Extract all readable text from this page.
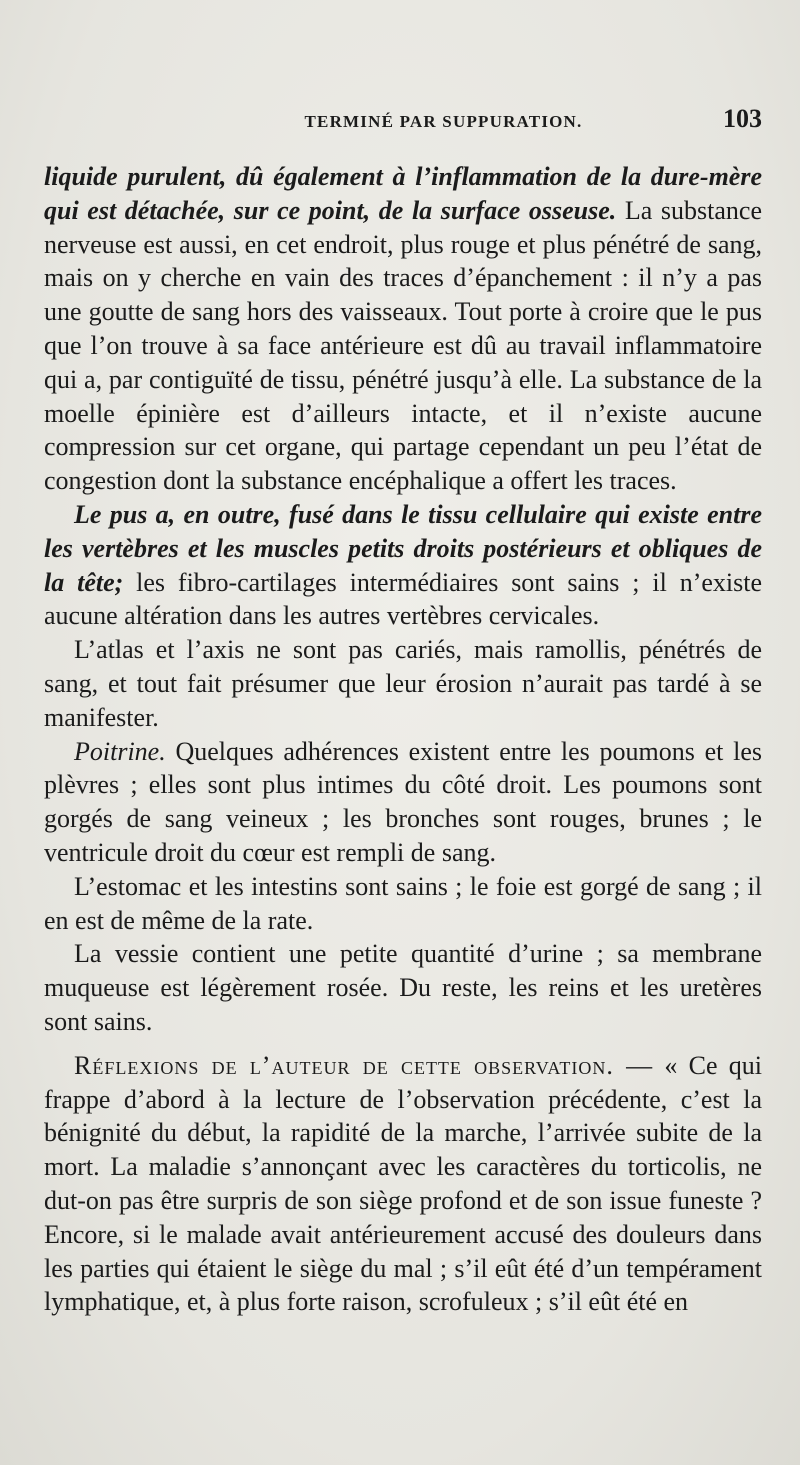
TERMINÉ PAR SUPPURATION.	103

liquide purulent, dû également à l’inflammation de la dure-mère qui est détachée, sur ce point, de la surface osseuse. La substance nerveuse est aussi, en cet endroit, plus rouge et plus pénétré de sang, mais on y cherche en vain des traces d’épanchement : il n’y a pas une goutte de sang hors des vaisseaux. Tout porte à croire que le pus que l’on trouve à sa face antérieure est dû au travail inflammatoire qui a, par contiguïté de tissu, pénétré jusqu’à elle. La substance de la moelle épinière est d’ailleurs intacte, et il n’existe aucune compression sur cet organe, qui partage cependant un peu l’état de congestion dont la substance encéphalique a offert les traces.

Le pus a, en outre, fusé dans le tissu cellulaire qui existe entre les vertèbres et les muscles petits droits postérieurs et obliques de la tête; les fibro-cartilages intermédiaires sont sains ; il n’existe aucune altération dans les autres vertèbres cervicales.

L’atlas et l’axis ne sont pas cariés, mais ramollis, pénétrés de sang, et tout fait présumer que leur érosion n’aurait pas tardé à se manifester.

Poitrine. Quelques adhérences existent entre les poumons et les plèvres ; elles sont plus intimes du côté droit. Les poumons sont gorgés de sang veineux ; les bronches sont rouges, brunes ; le ventricule droit du cœur est rempli de sang.

L’estomac et les intestins sont sains ; le foie est gorgé de sang ; il en est de même de la rate.

La vessie contient une petite quantité d’urine ; sa membrane muqueuse est légèrement rosée. Du reste, les reins et les uretères sont sains.

Réflexions de l’auteur de cette observation. — « Ce qui frappe d’abord à la lecture de l’observation précédente, c’est la bénignité du début, la rapidité de la marche, l’arrivée subite de la mort. La maladie s’annonçant avec les caractères du torticolis, ne dut-on pas être surpris de son siège profond et de son issue funeste ? Encore, si le malade avait antérieurement accusé des douleurs dans les parties qui étaient le siège du mal ; s’il eût été d’un tempérament lymphatique, et, à plus forte raison, scrofuleux ; s’il eût été en
